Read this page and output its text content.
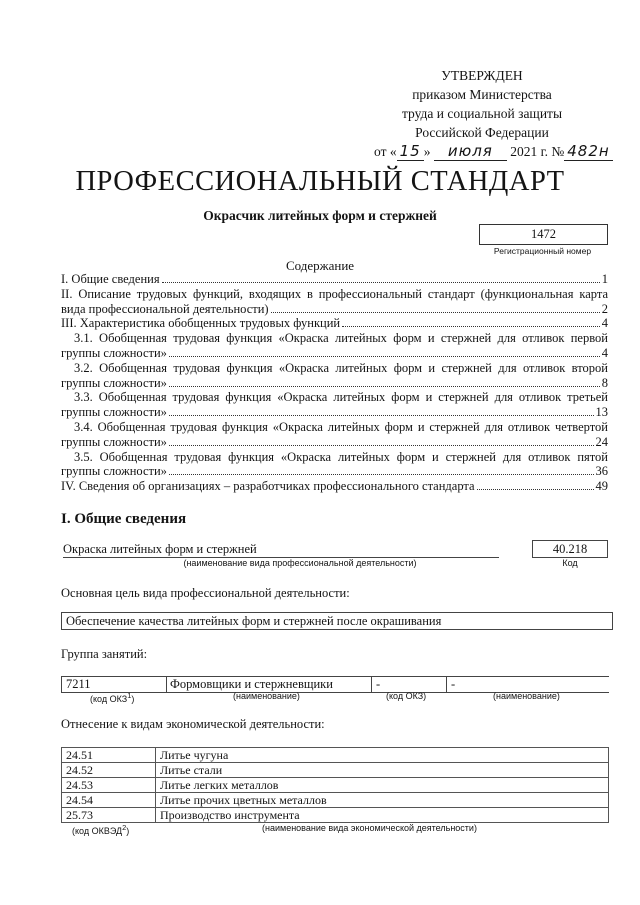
УТВЕРЖДЕН
приказом Министерства
труда и социальной защиты
Российской Федерации
от « 15 » июля 2021 г. № 482н
ПРОФЕССИОНАЛЬНЫЙ СТАНДАРТ
Окрасчик литейных форм и стержней
1472
Регистрационный номер
Содержание
I. Общие сведения	1
II. Описание трудовых функций, входящих в профессиональный стандарт (функциональная карта
вида профессиональной деятельности)	2
III. Характеристика обобщенных трудовых функций	4
3.1. Обобщенная трудовая функция «Окраска литейных форм и стержней для отливок первой
группы сложности»	4
3.2. Обобщенная трудовая функция «Окраска литейных форм и стержней для отливок второй
группы сложности»	8
3.3. Обобщенная трудовая функция «Окраска литейных форм и стержней для отливок третьей
группы сложности»	13
3.4. Обобщенная трудовая функция «Окраска литейных форм и стержней для отливок четвертой
группы сложности»	24
3.5. Обобщенная трудовая функция «Окраска литейных форм и стержней для отливок пятой
группы сложности»	36
IV. Сведения об организациях – разработчиках профессионального стандарта	49
I. Общие сведения
Окраска литейных форм и стержней
(наименование вида профессиональной деятельности)
40.218
Код
Основная цель вида профессиональной деятельности:
Обеспечение качества литейных форм и стержней после окрашивания
Группа занятий:
7211	Формовщики и стержневщики	-	-
(код ОКЗ$^1$)	(наименование)	(код ОКЗ)	(наименование)
Отнесение к видам экономической деятельности:
24.51	Литье чугуна
24.52	Литье стали
24.53	Литье легких металлов
24.54	Литье прочих цветных металлов
25.73	Производство инструмента
(код ОКВЭД$^2$)	(наименование вида экономической деятельности)
